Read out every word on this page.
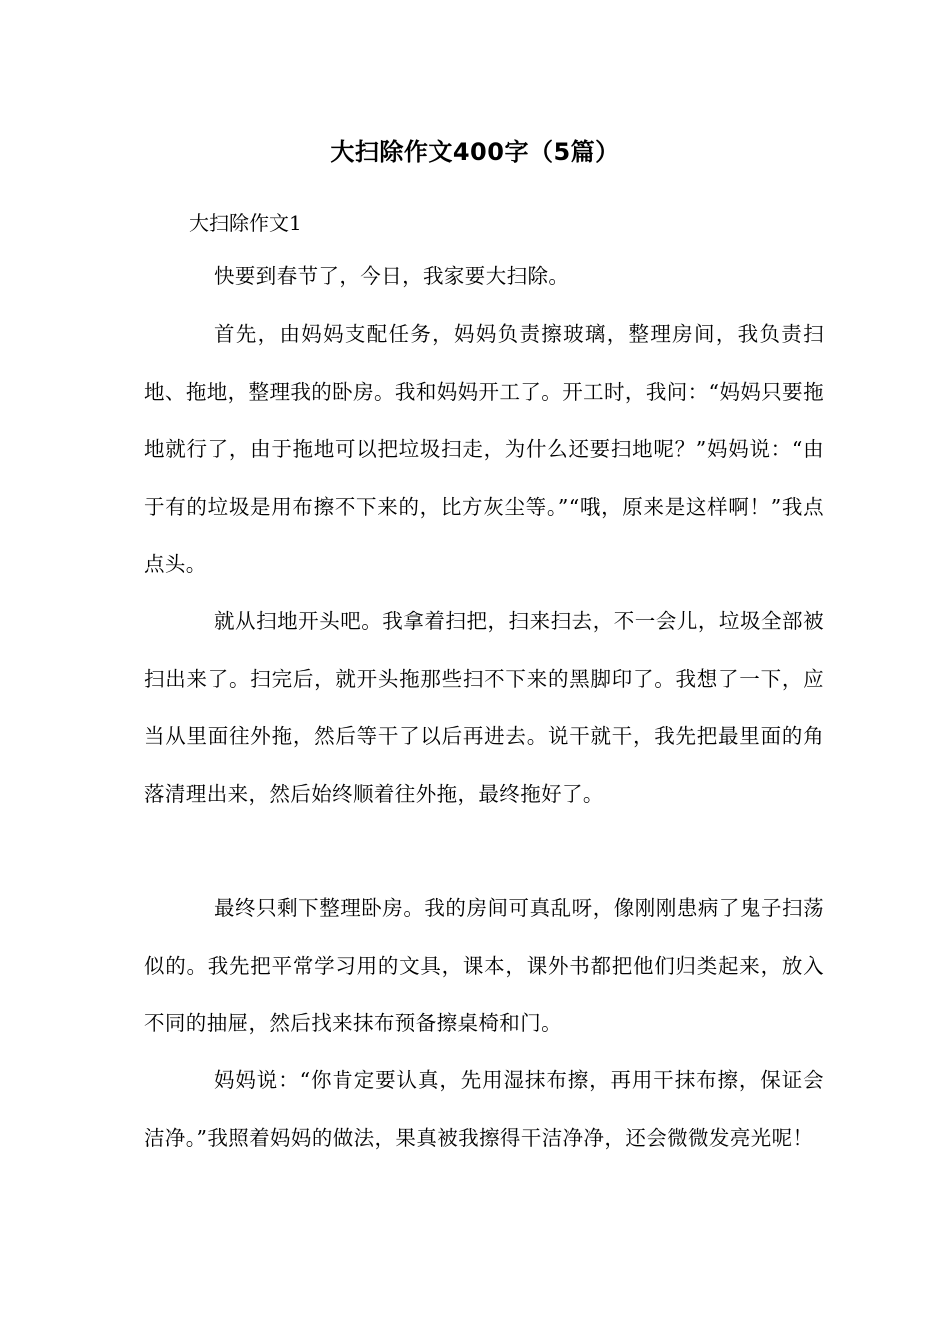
大扫除作文400字（5篇）
大扫除作文1

快要到春节了，今日，我家要大扫除。

首先，由妈妈支配任务，妈妈负责擦玻璃，整理房间，我负责扫地、拖地，整理我的卧房。我和妈妈开工了。开工时，我问：“妈妈只要拖地就行了，由于拖地可以把垃圾扫走，为什么还要扫地呢？”妈妈说：“由于有的垃圾是用布擦不下来的，比方灰尘等。”“哦，原来是这样啊！”我点点头。

就从扫地开头吧。我拿着扫把，扫来扫去，不一会儿，垃圾全部被扫出来了。扫完后，就开头拖那些扫不下来的黑脚印了。我想了一下，应当从里面往外拖，然后等干了以后再进去。说干就干，我先把最里面的角落清理出来，然后始终顺着往外拖，最终拖好了。

最终只剩下整理卧房。我的房间可真乱呀，像刚刚患病了鬼子扫荡似的。我先把平常学习用的文具，课本，课外书都把他们归类起来，放入不同的抽屉，然后找来抹布预备擦桌椅和门。

妈妈说：“你肯定要认真，先用湿抹布擦，再用干抹布擦，保证会洁净。”我照着妈妈的做法，果真被我擦得干洁净净，还会微微发亮光呢！
